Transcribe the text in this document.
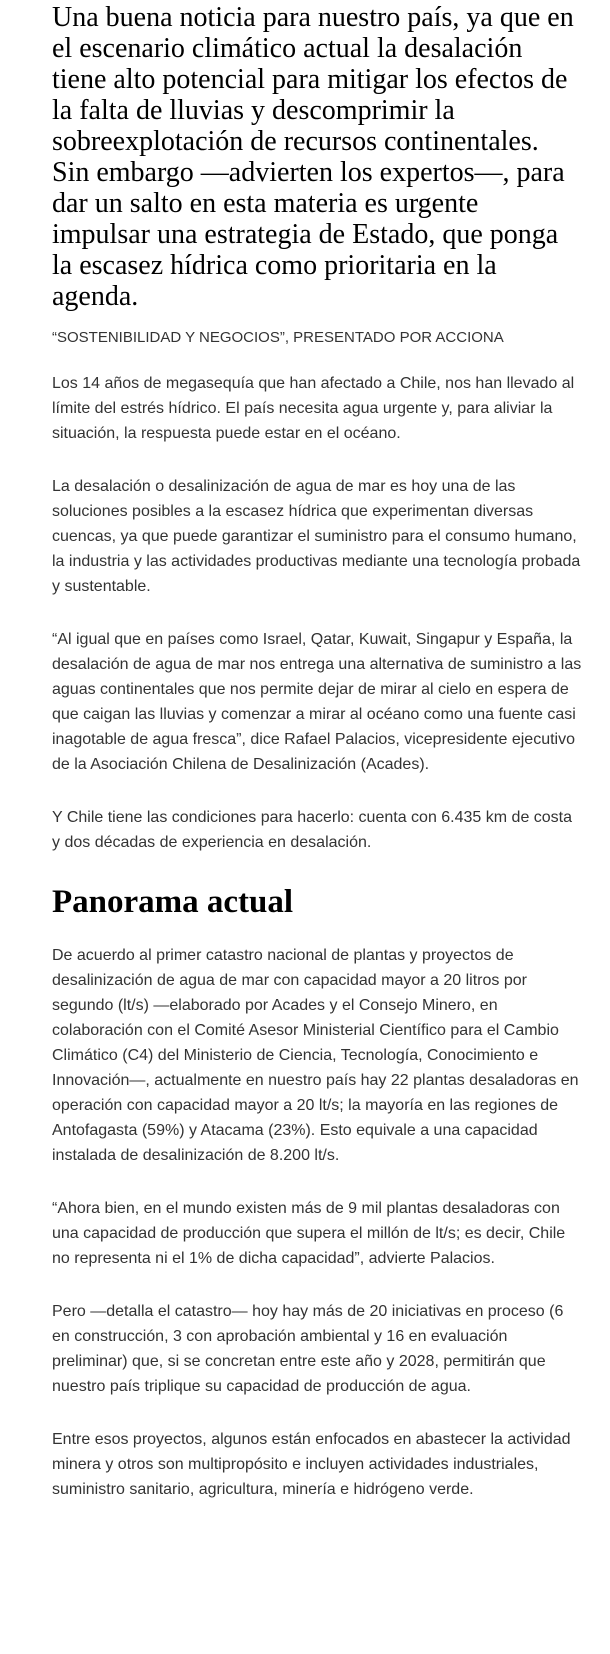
Una buena noticia para nuestro país, ya que en el escenario climático actual la desalación tiene alto potencial para mitigar los efectos de la falta de lluvias y descomprimir la sobreexplotación de recursos continentales. Sin embargo —advierten los expertos—, para dar un salto en esta materia es urgente impulsar una estrategia de Estado, que ponga la escasez hídrica como prioritaria en la agenda.

“SOSTENIBILIDAD Y NEGOCIOS”, PRESENTADO POR ACCIONA

Los 14 años de megasequía que han afectado a Chile, nos han llevado al límite del estrés hídrico. El país necesita agua urgente y, para aliviar la situación, la respuesta puede estar en el océano.

La desalación o desalinización de agua de mar es hoy una de las soluciones posibles a la escasez hídrica que experimentan diversas cuencas, ya que puede garantizar el suministro para el consumo humano, la industria y las actividades productivas mediante una tecnología probada y sustentable.

“Al igual que en países como Israel, Qatar, Kuwait, Singapur y España, la desalación de agua de mar nos entrega una alternativa de suministro a las aguas continentales que nos permite dejar de mirar al cielo en espera de que caigan las lluvias y comenzar a mirar al océano como una fuente casi inagotable de agua fresca”, dice Rafael Palacios, vicepresidente ejecutivo de la Asociación Chilena de Desalinización (Acades).

Y Chile tiene las condiciones para hacerlo: cuenta con 6.435 km de costa y dos décadas de experiencia en desalación.

Panorama actual

De acuerdo al primer catastro nacional de plantas y proyectos de desalinización de agua de mar con capacidad mayor a 20 litros por segundo (lt/s) —elaborado por Acades y el Consejo Minero, en colaboración con el Comité Asesor Ministerial Científico para el Cambio Climático (C4) del Ministerio de Ciencia, Tecnología, Conocimiento e Innovación—, actualmente en nuestro país hay 22 plantas desaladoras en operación con capacidad mayor a 20 lt/s; la mayoría en las regiones de Antofagasta (59%) y Atacama (23%). Esto equivale a una capacidad instalada de desalinización de 8.200 lt/s.

“Ahora bien, en el mundo existen más de 9 mil plantas desaladoras con una capacidad de producción que supera el millón de lt/s; es decir, Chile no representa ni el 1% de dicha capacidad”, advierte Palacios.

Pero —detalla el catastro— hoy hay más de 20 iniciativas en proceso (6 en construcción, 3 con aprobación ambiental y 16 en evaluación preliminar) que, si se concretan entre este año y 2028, permitirán que nuestro país triplique su capacidad de producción de agua.

Entre esos proyectos, algunos están enfocados en abastecer la actividad minera y otros son multipropósito e incluyen actividades industriales, suministro sanitario, agricultura, minería e hidrógeno verde.
